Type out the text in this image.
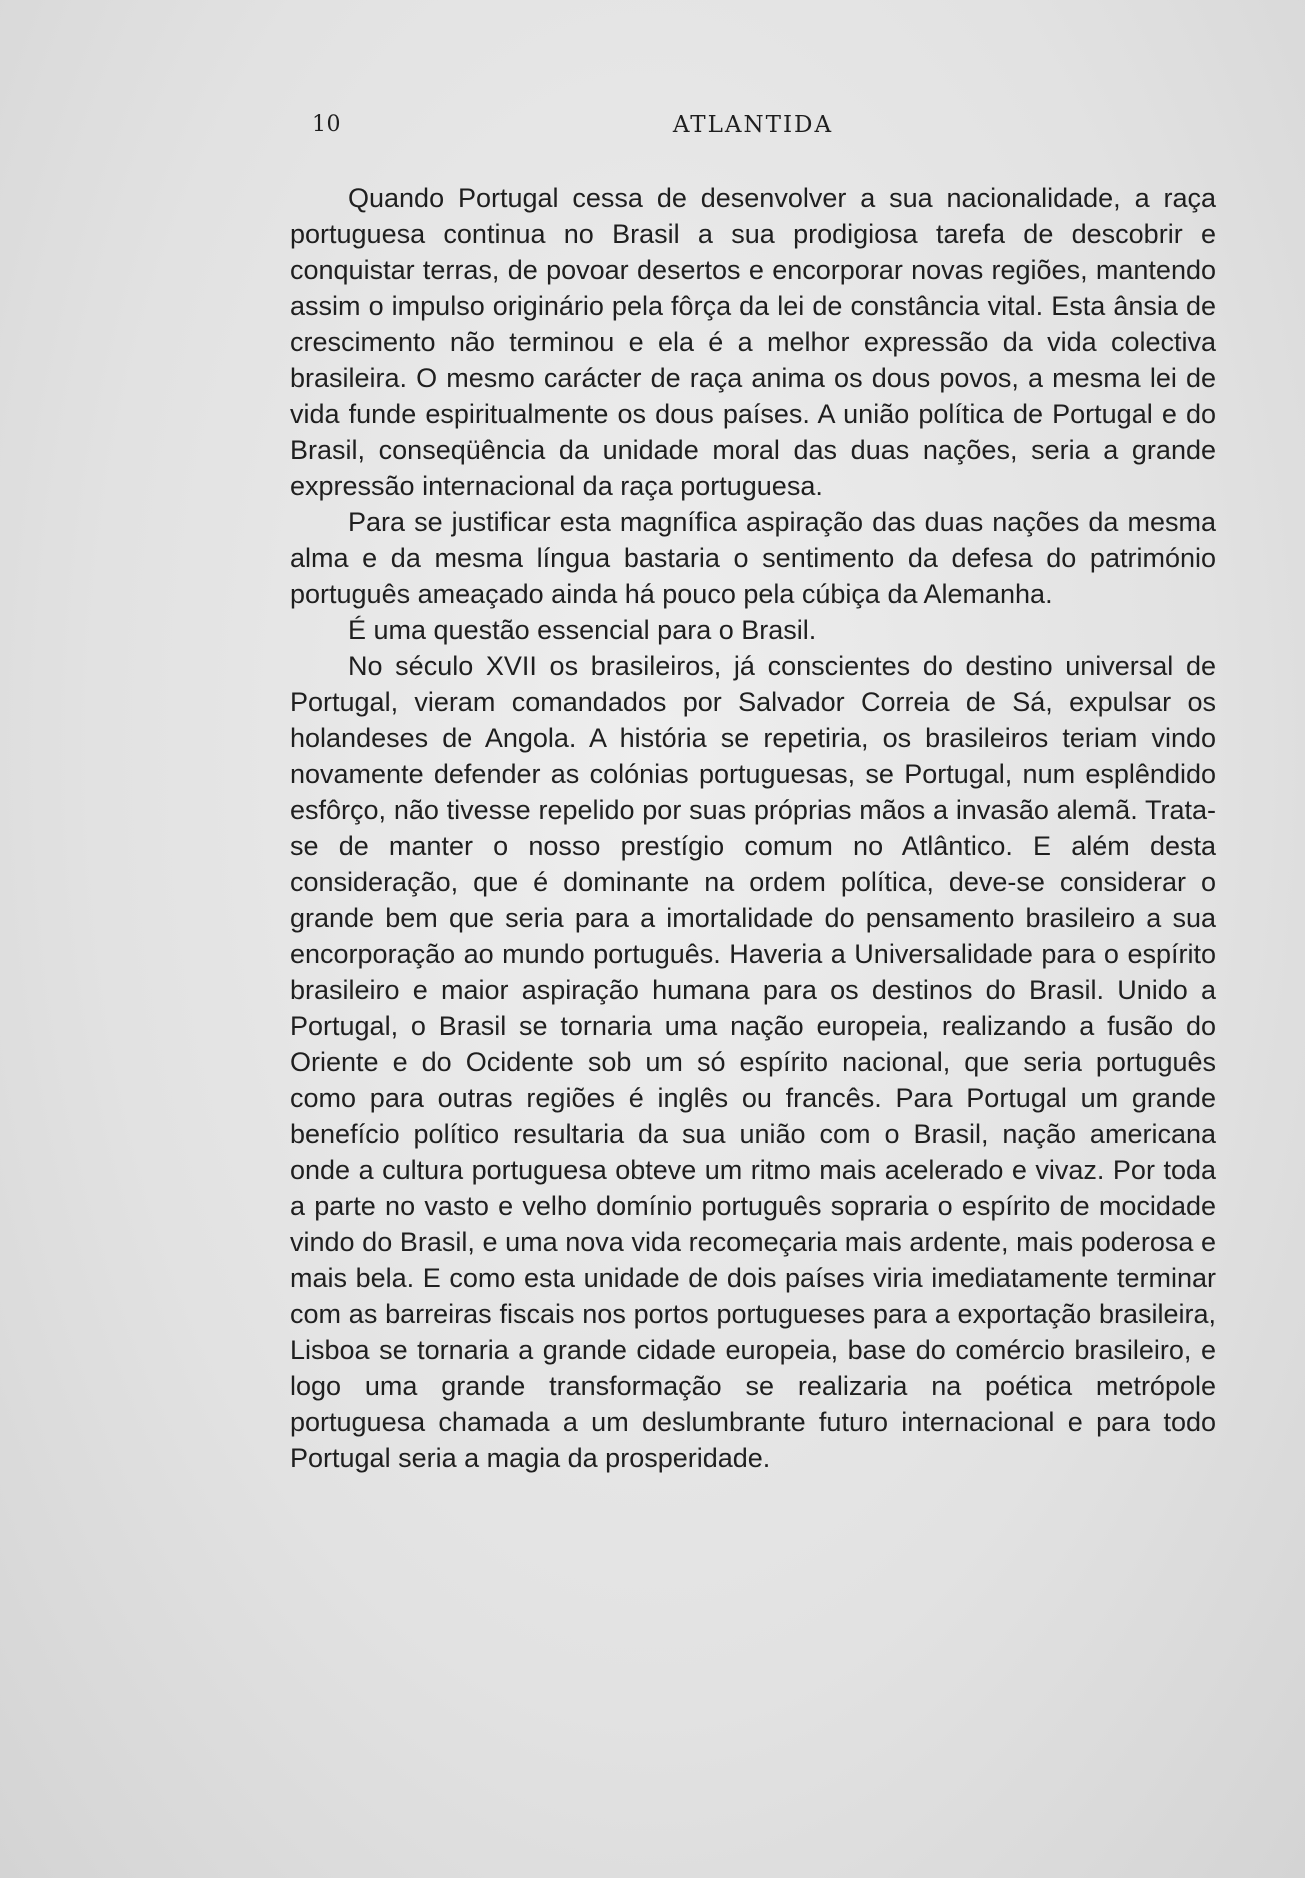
10	ATLANTIDA

Quando Portugal cessa de desenvolver a sua nacionalidade, a raça portuguesa continua no Brasil a sua prodigiosa tarefa de descobrir e conquistar terras, de povoar desertos e encorporar novas regiões, mantendo assim o impulso originário pela fôrça da lei de constância vital. Esta ânsia de crescimento não terminou e ela é a melhor expressão da vida colectiva brasileira. O mesmo carácter de raça anima os dous povos, a mesma lei de vida funde espiritualmente os dous países. A união política de Portugal e do Brasil, conseqüência da unidade moral das duas nações, seria a grande expressão internacional da raça portuguesa.

Para se justificar esta magnífica aspiração das duas nações da mesma alma e da mesma língua bastaria o sentimento da defesa do património português ameaçado ainda há pouco pela cúbiça da Alemanha.

É uma questão essencial para o Brasil.

No século XVII os brasileiros, já conscientes do destino universal de Portugal, vieram comandados por Salvador Correia de Sá, expulsar os holandeses de Angola. A história se repetiria, os brasileiros teriam vindo novamente defender as colónias portuguesas, se Portugal, num esplêndido esfôrço, não tivesse repelido por suas próprias mãos a invasão alemã. Trata-se de manter o nosso prestígio comum no Atlântico. E além desta consideração, que é dominante na ordem política, deve-se considerar o grande bem que seria para a imortalidade do pensamento brasileiro a sua encorporação ao mundo português. Haveria a Universalidade para o espírito brasileiro e maior aspiração humana para os destinos do Brasil. Unido a Portugal, o Brasil se tornaria uma nação europeia, realizando a fusão do Oriente e do Ocidente sob um só espírito nacional, que seria português como para outras regiões é inglês ou francês. Para Portugal um grande benefício político resultaria da sua união com o Brasil, nação americana onde a cultura portuguesa obteve um ritmo mais acelerado e vivaz. Por toda a parte no vasto e velho domínio português sopraria o espírito de mocidade vindo do Brasil, e uma nova vida recomeçaria mais ardente, mais poderosa e mais bela. E como esta unidade de dois países viria imediatamente terminar com as barreiras fiscais nos portos portugueses para a exportação brasileira, Lisboa se tornaria a grande cidade europeia, base do comércio brasileiro, e logo uma grande transformação se realizaria na poética metrópole portuguesa chamada a um deslumbrante futuro internacional e para todo Portugal seria a magia da prosperidade.
